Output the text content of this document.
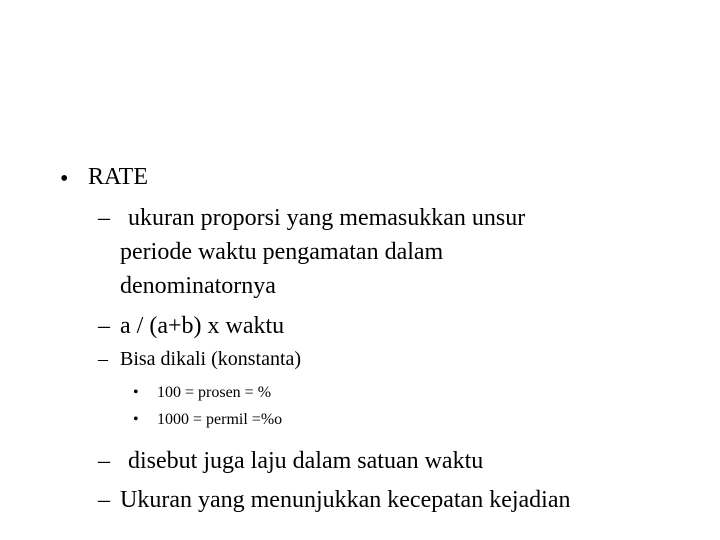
• RATE
– ukuran proporsi yang memasukkan unsur
periode waktu pengamatan dalam
denominatornya
– a / (a+b) x waktu
– Bisa dikali (konstanta)
• 100 = prosen = %
• 1000 = permil =%o
– disebut juga laju dalam satuan waktu
– Ukuran yang menunjukkan kecepatan kejadian
